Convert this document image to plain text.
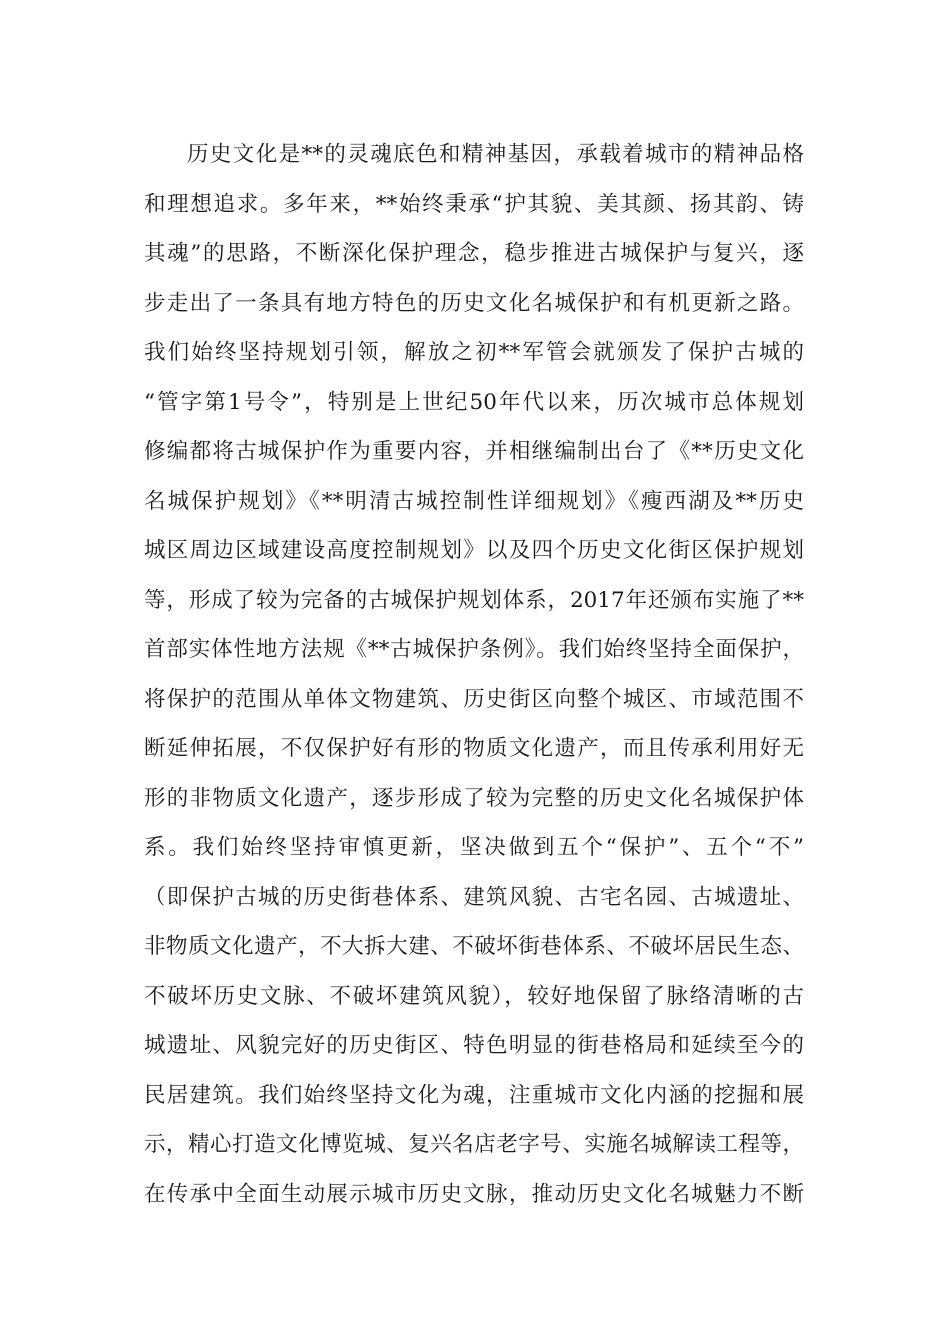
历史文化是**的灵魂底色和精神基因，承载着城市的精神品格
和理想追求。多年来，**始终秉承“护其貌、美其颜、扬其韵、铸
其魂”的思路，不断深化保护理念，稳步推进古城保护与复兴，逐
步走出了一条具有地方特色的历史文化名城保护和有机更新之路。
我们始终坚持规划引领，解放之初**军管会就颁发了保护古城的
“管字第1号令”，特别是上世纪50年代以来，历次城市总体规划
修编都将古城保护作为重要内容，并相继编制出台了《**历史文化
名城保护规划》《**明清古城控制性详细规划》《瘦西湖及**历史
城区周边区域建设高度控制规划》以及四个历史文化街区保护规划
等，形成了较为完备的古城保护规划体系，2017年还颁布实施了**
首部实体性地方法规《**古城保护条例》。我们始终坚持全面保护，
将保护的范围从单体文物建筑、历史街区向整个城区、市域范围不
断延伸拓展，不仅保护好有形的物质文化遗产，而且传承利用好无
形的非物质文化遗产，逐步形成了较为完整的历史文化名城保护体
系。我们始终坚持审慎更新，坚决做到五个“保护”、五个“不”
（即保护古城的历史街巷体系、建筑风貌、古宅名园、古城遗址、
非物质文化遗产，不大拆大建、不破坏街巷体系、不破坏居民生态、
不破坏历史文脉、不破坏建筑风貌），较好地保留了脉络清晰的古
城遗址、风貌完好的历史街区、特色明显的街巷格局和延续至今的
民居建筑。我们始终坚持文化为魂，注重城市文化内涵的挖掘和展
示，精心打造文化博览城、复兴名店老字号、实施名城解读工程等，
在传承中全面生动展示城市历史文脉，推动历史文化名城魅力不断
